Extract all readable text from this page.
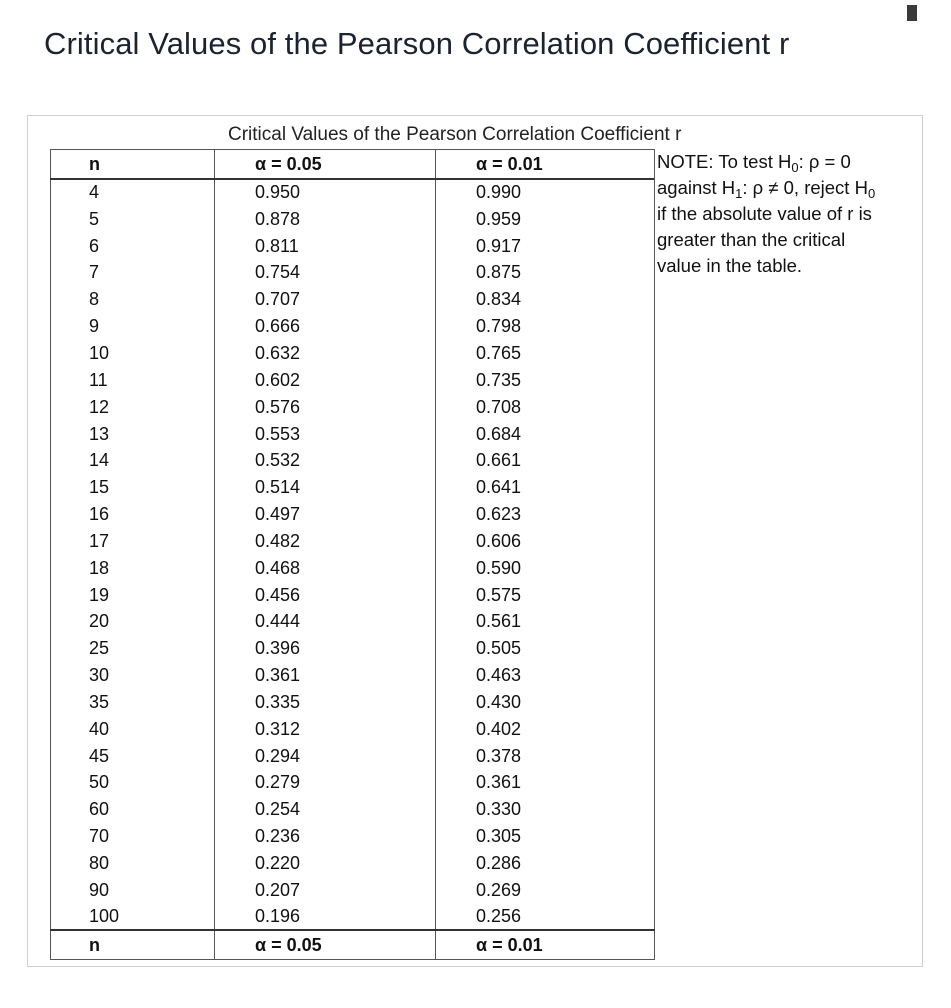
Critical Values of the Pearson Correlation Coefficient r
Critical Values of the Pearson Correlation Coefficient r
n	α = 0.05	α = 0.01
4	0.950	0.990
5	0.878	0.959
6	0.811	0.917
7	0.754	0.875
8	0.707	0.834
9	0.666	0.798
10	0.632	0.765
11	0.602	0.735
12	0.576	0.708
13	0.553	0.684
14	0.532	0.661
15	0.514	0.641
16	0.497	0.623
17	0.482	0.606
18	0.468	0.590
19	0.456	0.575
20	0.444	0.561
25	0.396	0.505
30	0.361	0.463
35	0.335	0.430
40	0.312	0.402
45	0.294	0.378
50	0.279	0.361
60	0.254	0.330
70	0.236	0.305
80	0.220	0.286
90	0.207	0.269
100	0.196	0.256
n	α = 0.05	α = 0.01
NOTE: To test $H_0$: ρ = 0
against $H_1$: ρ ≠ 0, reject $H_0$
if the absolute value of r is
greater than the critical
value in the table.
